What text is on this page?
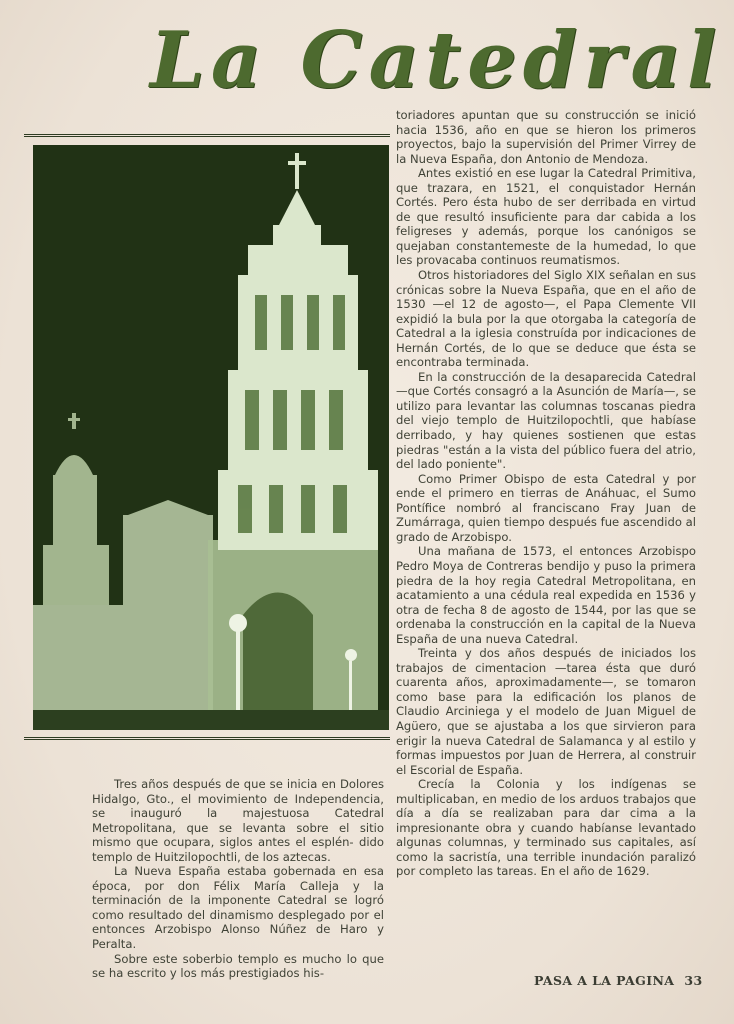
La Catedral

Tres años después de que se inicia en Dolores Hidalgo, Gto., el movimiento de Independencia, se inauguró la majestuosa Catedral Metropolitana, que se levanta sobre el sitio mismo que ocupara, siglos antes el esplén- dido templo de Huitzilopochtli, de los aztecas.

La Nueva España estaba gobernada en esa época, por don Félix María Calleja y la terminación de la imponente Catedral se logró como resultado del dinamismo desplegado por el entonces Arzobispo Alonso Núñez de Haro y Peralta.

Sobre este soberbio templo es mucho lo que se ha escrito y los más prestigiados his-

toriadores apuntan que su construcción se inició hacia 1536, año en que se hieron los primeros proyectos, bajo la supervisión del Primer Virrey de la Nueva España, don Antonio de Mendoza.

Antes existió en ese lugar la Catedral Primitiva, que trazara, en 1521, el conquistador Hernán Cortés. Pero ésta hubo de ser derribada en virtud de que resultó insuficiente para dar cabida a los feligreses y además, porque los canónigos se quejaban constantemeste de la humedad, lo que les provacaba continuos reumatismos.

Otros historiadores del Siglo XIX señalan en sus crónicas sobre la Nueva España, que en el año de 1530 —el 12 de agosto—, el Papa Clemente VII expidió la bula por la que otorgaba la categoría de Catedral a la iglesia construída por indicaciones de Hernán Cortés, de lo que se deduce que ésta se encontraba terminada.

En la construcción de la desaparecida Catedral —que Cortés consagró a la Asunción de María—, se utilizo para levantar las columnas toscanas piedra del viejo templo de Huitzilopochtli, que habíase derribado, y hay quienes sostienen que estas piedras "están a la vista del público fuera del atrio, del lado poniente".

Como Primer Obispo de esta Catedral y por ende el primero en tierras de Anáhuac, el Sumo Pontífice nombró al franciscano Fray Juan de Zumárraga, quien tiempo después fue ascendido al grado de Arzobispo.

Una mañana de 1573, el entonces Arzobispo Pedro Moya de Contreras bendijo y puso la primera piedra de la hoy regia Catedral Metropolitana, en acatamiento a una cédula real expedida en 1536 y otra de fecha 8 de agosto de 1544, por las que se ordenaba la construcción en la capital de la Nueva España de una nueva Catedral.

Treinta y dos años después de iniciados los trabajos de cimentacion —tarea ésta que duró cuarenta años, aproximadamente—, se tomaron como base para la edificación los planos de Claudio Arciniega y el modelo de Juan Miguel de Agüero, que se ajustaba a los que sirvieron para erigir la nueva Catedral de Salamanca y al estilo y formas impuestos por Juan de Herrera, al construir el Escorial de España.

Crecía la Colonia y los indígenas se multiplicaban, en medio de los arduos trabajos que día a día se realizaban para dar cima a la impresionante obra y cuando habíanse levantado algunas columnas, y terminado sus capitales, así como la sacristía, una terrible inundación paralizó por completo las tareas. En el año de 1629.

PASA A LA PAGINA 33
